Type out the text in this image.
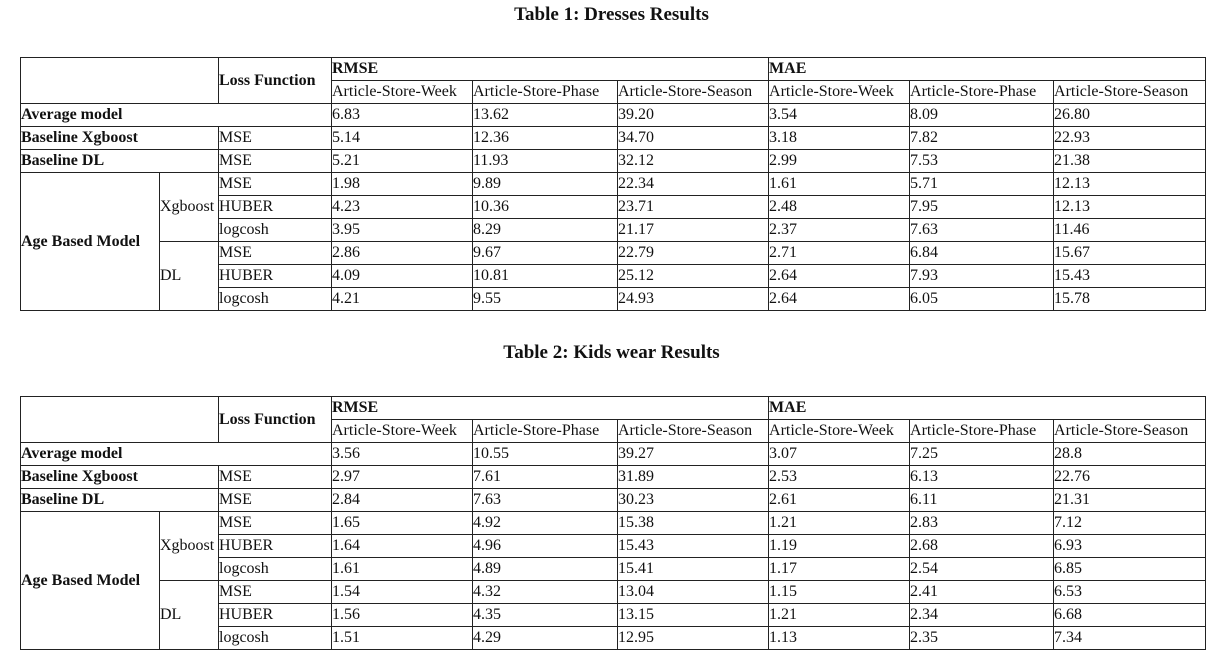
Table 1: Dresses Results
		Loss Function	RMSE			MAE		
			Article-Store-Week	Article-Store-Phase	Article-Store-Season	Article-Store-Week	Article-Store-Phase	Article-Store-Season
Average model			6.83	13.62	39.20	3.54	8.09	26.80
Baseline Xgboost		MSE	5.14	12.36	34.70	3.18	7.82	22.93
Baseline DL		MSE	5.21	11.93	32.12	2.99	7.53	21.38
Age Based Model	Xgboost	MSE	1.98	9.89	22.34	1.61	5.71	12.13
		HUBER	4.23	10.36	23.71	2.48	7.95	12.13
		logcosh	3.95	8.29	21.17	2.37	7.63	11.46
	DL	MSE	2.86	9.67	22.79	2.71	6.84	15.67
		HUBER	4.09	10.81	25.12	2.64	7.93	15.43
		logcosh	4.21	9.55	24.93	2.64	6.05	15.78
Table 2: Kids wear Results
		Loss Function	RMSE			MAE		
			Article-Store-Week	Article-Store-Phase	Article-Store-Season	Article-Store-Week	Article-Store-Phase	Article-Store-Season
Average model			3.56	10.55	39.27	3.07	7.25	28.8
Baseline Xgboost		MSE	2.97	7.61	31.89	2.53	6.13	22.76
Baseline DL		MSE	2.84	7.63	30.23	2.61	6.11	21.31
Age Based Model	Xgboost	MSE	1.65	4.92	15.38	1.21	2.83	7.12
		HUBER	1.64	4.96	15.43	1.19	2.68	6.93
		logcosh	1.61	4.89	15.41	1.17	2.54	6.85
	DL	MSE	1.54	4.32	13.04	1.15	2.41	6.53
		HUBER	1.56	4.35	13.15	1.21	2.34	6.68
		logcosh	1.51	4.29	12.95	1.13	2.35	7.34
